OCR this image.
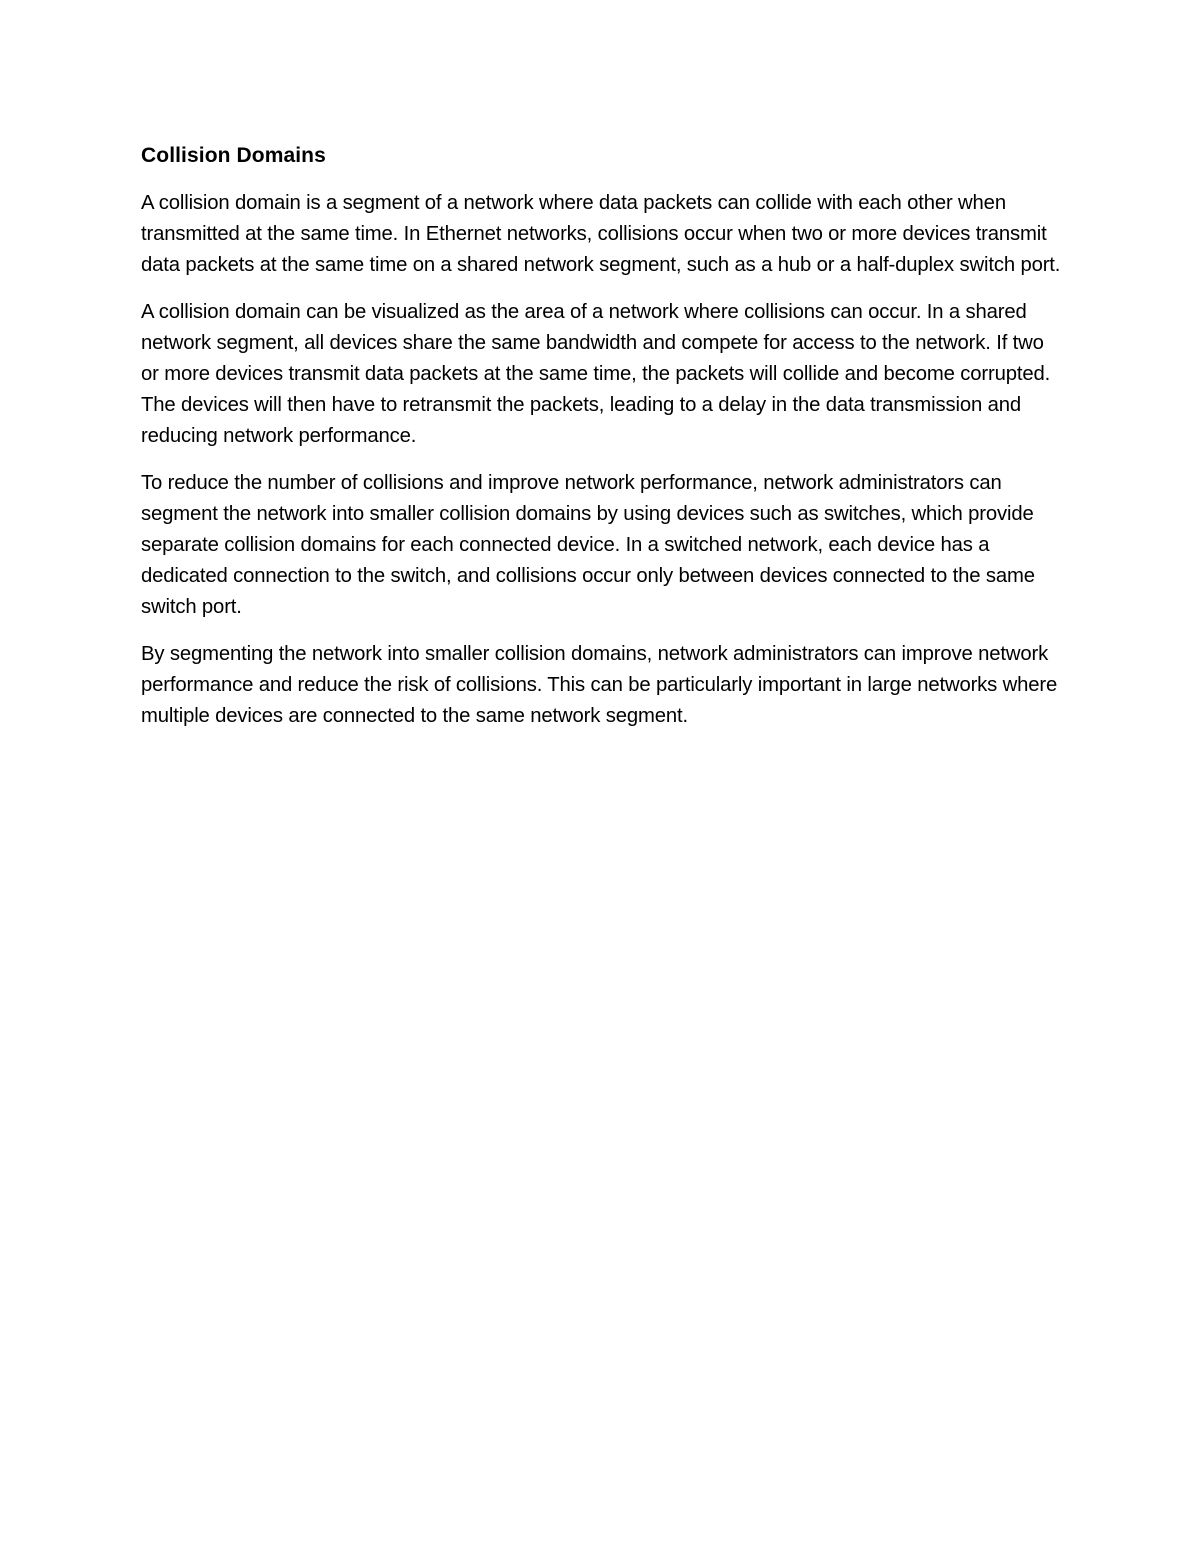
Collision Domains

A collision domain is a segment of a network where data packets can collide with each other when transmitted at the same time. In Ethernet networks, collisions occur when two or more devices transmit data packets at the same time on a shared network segment, such as a hub or a half-duplex switch port.

A collision domain can be visualized as the area of a network where collisions can occur. In a shared network segment, all devices share the same bandwidth and compete for access to the network. If two or more devices transmit data packets at the same time, the packets will collide and become corrupted. The devices will then have to retransmit the packets, leading to a delay in the data transmission and reducing network performance.

To reduce the number of collisions and improve network performance, network administrators can segment the network into smaller collision domains by using devices such as switches, which provide separate collision domains for each connected device. In a switched network, each device has a dedicated connection to the switch, and collisions occur only between devices connected to the same switch port.

By segmenting the network into smaller collision domains, network administrators can improve network performance and reduce the risk of collisions. This can be particularly important in large networks where multiple devices are connected to the same network segment.
